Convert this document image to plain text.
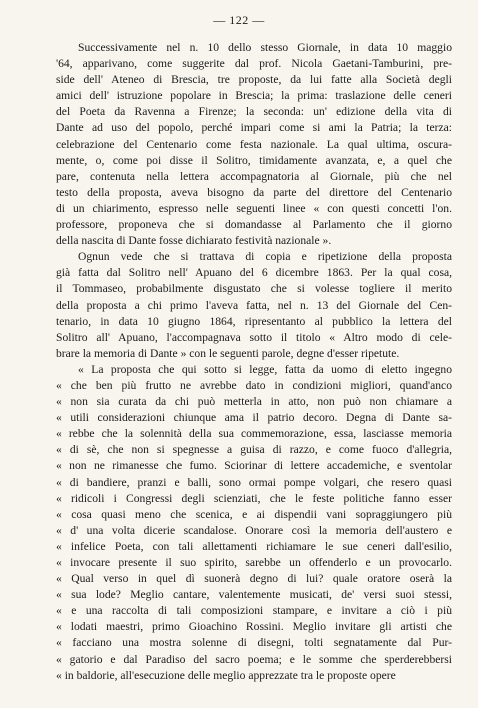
— 122 —
Successivamente nel n. 10 dello stesso Giornale, in data 10 maggio
'64, apparivano, come suggerite dal prof. Nicola Gaetani-Tamburini, pre-
side dell' Ateneo di Brescia, tre proposte, da lui fatte alla Società degli
amici dell' istruzione popolare in Brescia; la prima: traslazione delle ceneri
del Poeta da Ravenna a Firenze; la seconda: un' edizione della vita di
Dante ad uso del popolo, perché impari come si ami la Patria; la terza:
celebrazione del Centenario come festa nazionale. La qual ultima, oscura-
mente, o, come poi disse il Solitro, timidamente avanzata, e, a quel che
pare, contenuta nella lettera accompagnatoria al Giornale, più che nel
testo della proposta, aveva bisogno da parte del direttore del Centenario
di un chiarimento, espresso nelle seguenti linee « con questi concetti l'on.
professore, proponeva che si domandasse al Parlamento che il giorno
della nascita di Dante fosse dichiarato festività nazionale ».
Ognun vede che si trattava di copia e ripetizione della proposta
già fatta dal Solitro nell' Apuano del 6 dicembre 1863. Per la qual cosa,
il Tommaseo, probabilmente disgustato che si volesse togliere il merito
della proposta a chi primo l'aveva fatta, nel n. 13 del Giornale del Cen-
tenario, in data 10 giugno 1864, ripresentanto al pubblico la lettera del
Solitro all' Apuano, l'accompagnava sotto il titolo « Altro modo di cele-
brare la memoria di Dante » con le seguenti parole, degne d'esser ripetute.
« La proposta che qui sotto si legge, fatta da uomo di eletto ingegno
« che ben più frutto ne avrebbe dato in condizioni migliori, quand'anco
« non sia curata da chi può metterla in atto, non può non chiamare a
« utili considerazioni chiunque ama il patrio decoro. Degna di Dante sa-
« rebbe che la solennità della sua commemorazione, essa, lasciasse memoria
« di sè, che non si spegnesse a guisa di razzo, e come fuoco d'allegria,
« non ne rimanesse che fumo. Sciorinar di lettere accademiche, e sventolar
« di bandiere, pranzi e balli, sono ormai pompe volgari, che resero quasi
« ridicoli i Congressi degli scienziati, che le feste politiche fanno esser
« cosa quasi meno che scenica, e ai dispendii vani sopraggiungero più
« d' una volta dicerie scandalose. Onorare così la memoria dell'austero e
« infelice Poeta, con tali allettamenti richiamare le sue ceneri dall'esilio,
« invocare presente il suo spirito, sarebbe un offenderlo e un provocarlo.
« Qual verso in quel dì suonerà degno di lui? quale oratore oserà la
« sua lode? Meglio cantare, valentemente musicati, de' versi suoi stessi,
« e una raccolta di tali composizioni stampare, e invitare a ciò i più
« lodati maestri, primo Gioachino Rossini. Meglio invitare gli artisti che
« facciano una mostra solenne di disegni, tolti segnatamente dal Pur-
« gatorio e dal Paradiso del sacro poema; e le somme che sperderebbersi
« in baldorie, all'esecuzione delle meglio apprezzate tra le proposte opere
